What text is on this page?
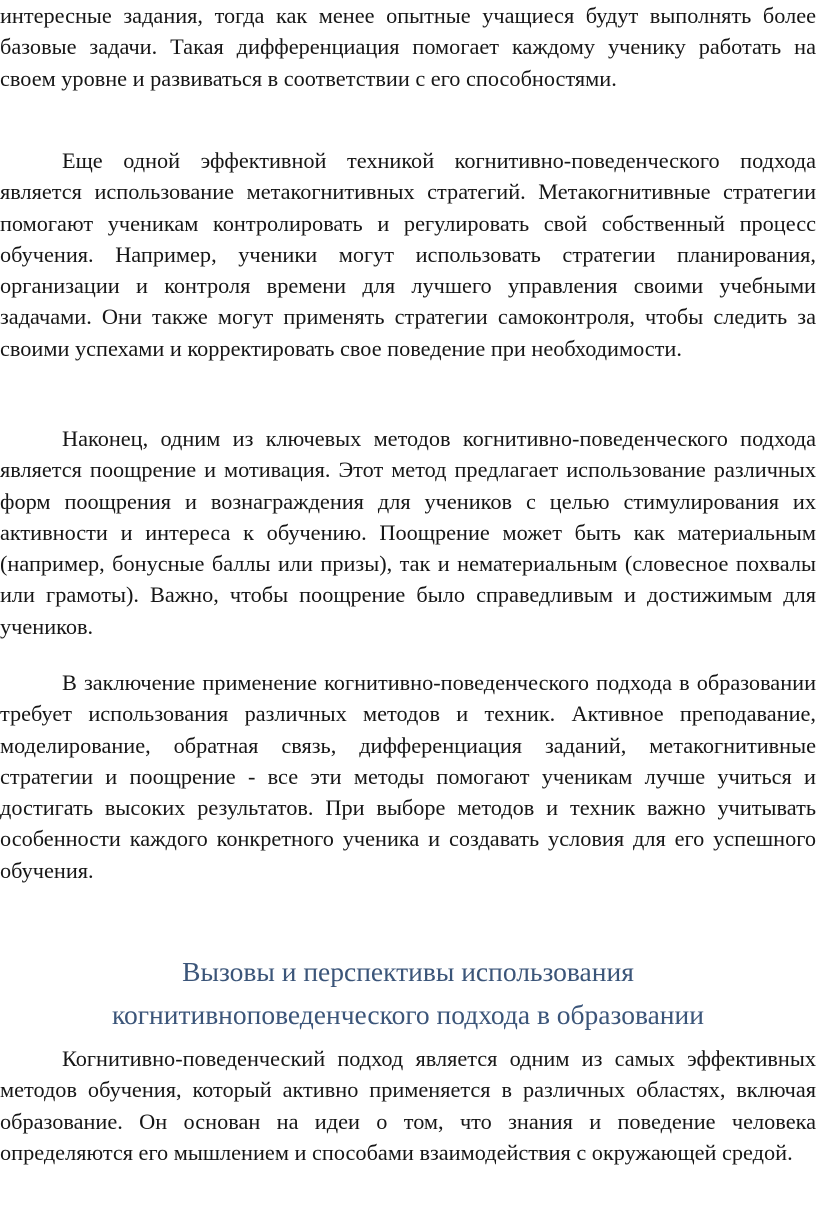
интересные задания, тогда как менее опытные учащиеся будут выполнять более базовые задачи. Такая дифференциация помогает каждому ученику работать на своем уровне и развиваться в соответствии с его способностями.

Еще одной эффективной техникой когнитивно-поведенческого подхода является использование метакогнитивных стратегий. Метакогнитивные стратегии помогают ученикам контролировать и регулировать свой собственный процесс обучения. Например, ученики могут использовать стратегии планирования, организации и контроля времени для лучшего управления своими учебными задачами. Они также могут применять стратегии самоконтроля, чтобы следить за своими успехами и корректировать свое поведение при необходимости.

Наконец, одним из ключевых методов когнитивно-поведенческого подхода является поощрение и мотивация. Этот метод предлагает использование различных форм поощрения и вознаграждения для учеников с целью стимулирования их активности и интереса к обучению. Поощрение может быть как материальным (например, бонусные баллы или призы), так и нематериальным (словесное похвалы или грамоты). Важно, чтобы поощрение было справедливым и достижимым для учеников.

В заключение применение когнитивно-поведенческого подхода в образовании требует использования различных методов и техник. Активное преподавание, моделирование, обратная связь, дифференциация заданий, метакогнитивные стратегии и поощрение - все эти методы помогают ученикам лучше учиться и достигать высоких результатов. При выборе методов и техник важно учитывать особенности каждого конкретного ученика и создавать условия для его успешного обучения.

Вызовы и перспективы использования
когнитивноповеденческого подхода в образовании

Когнитивно-поведенческий подход является одним из самых эффективных методов обучения, который активно применяется в различных областях, включая образование. Он основан на идеи о том, что знания и поведение человека определяются его мышлением и способами взаимодействия с окружающей средой.
